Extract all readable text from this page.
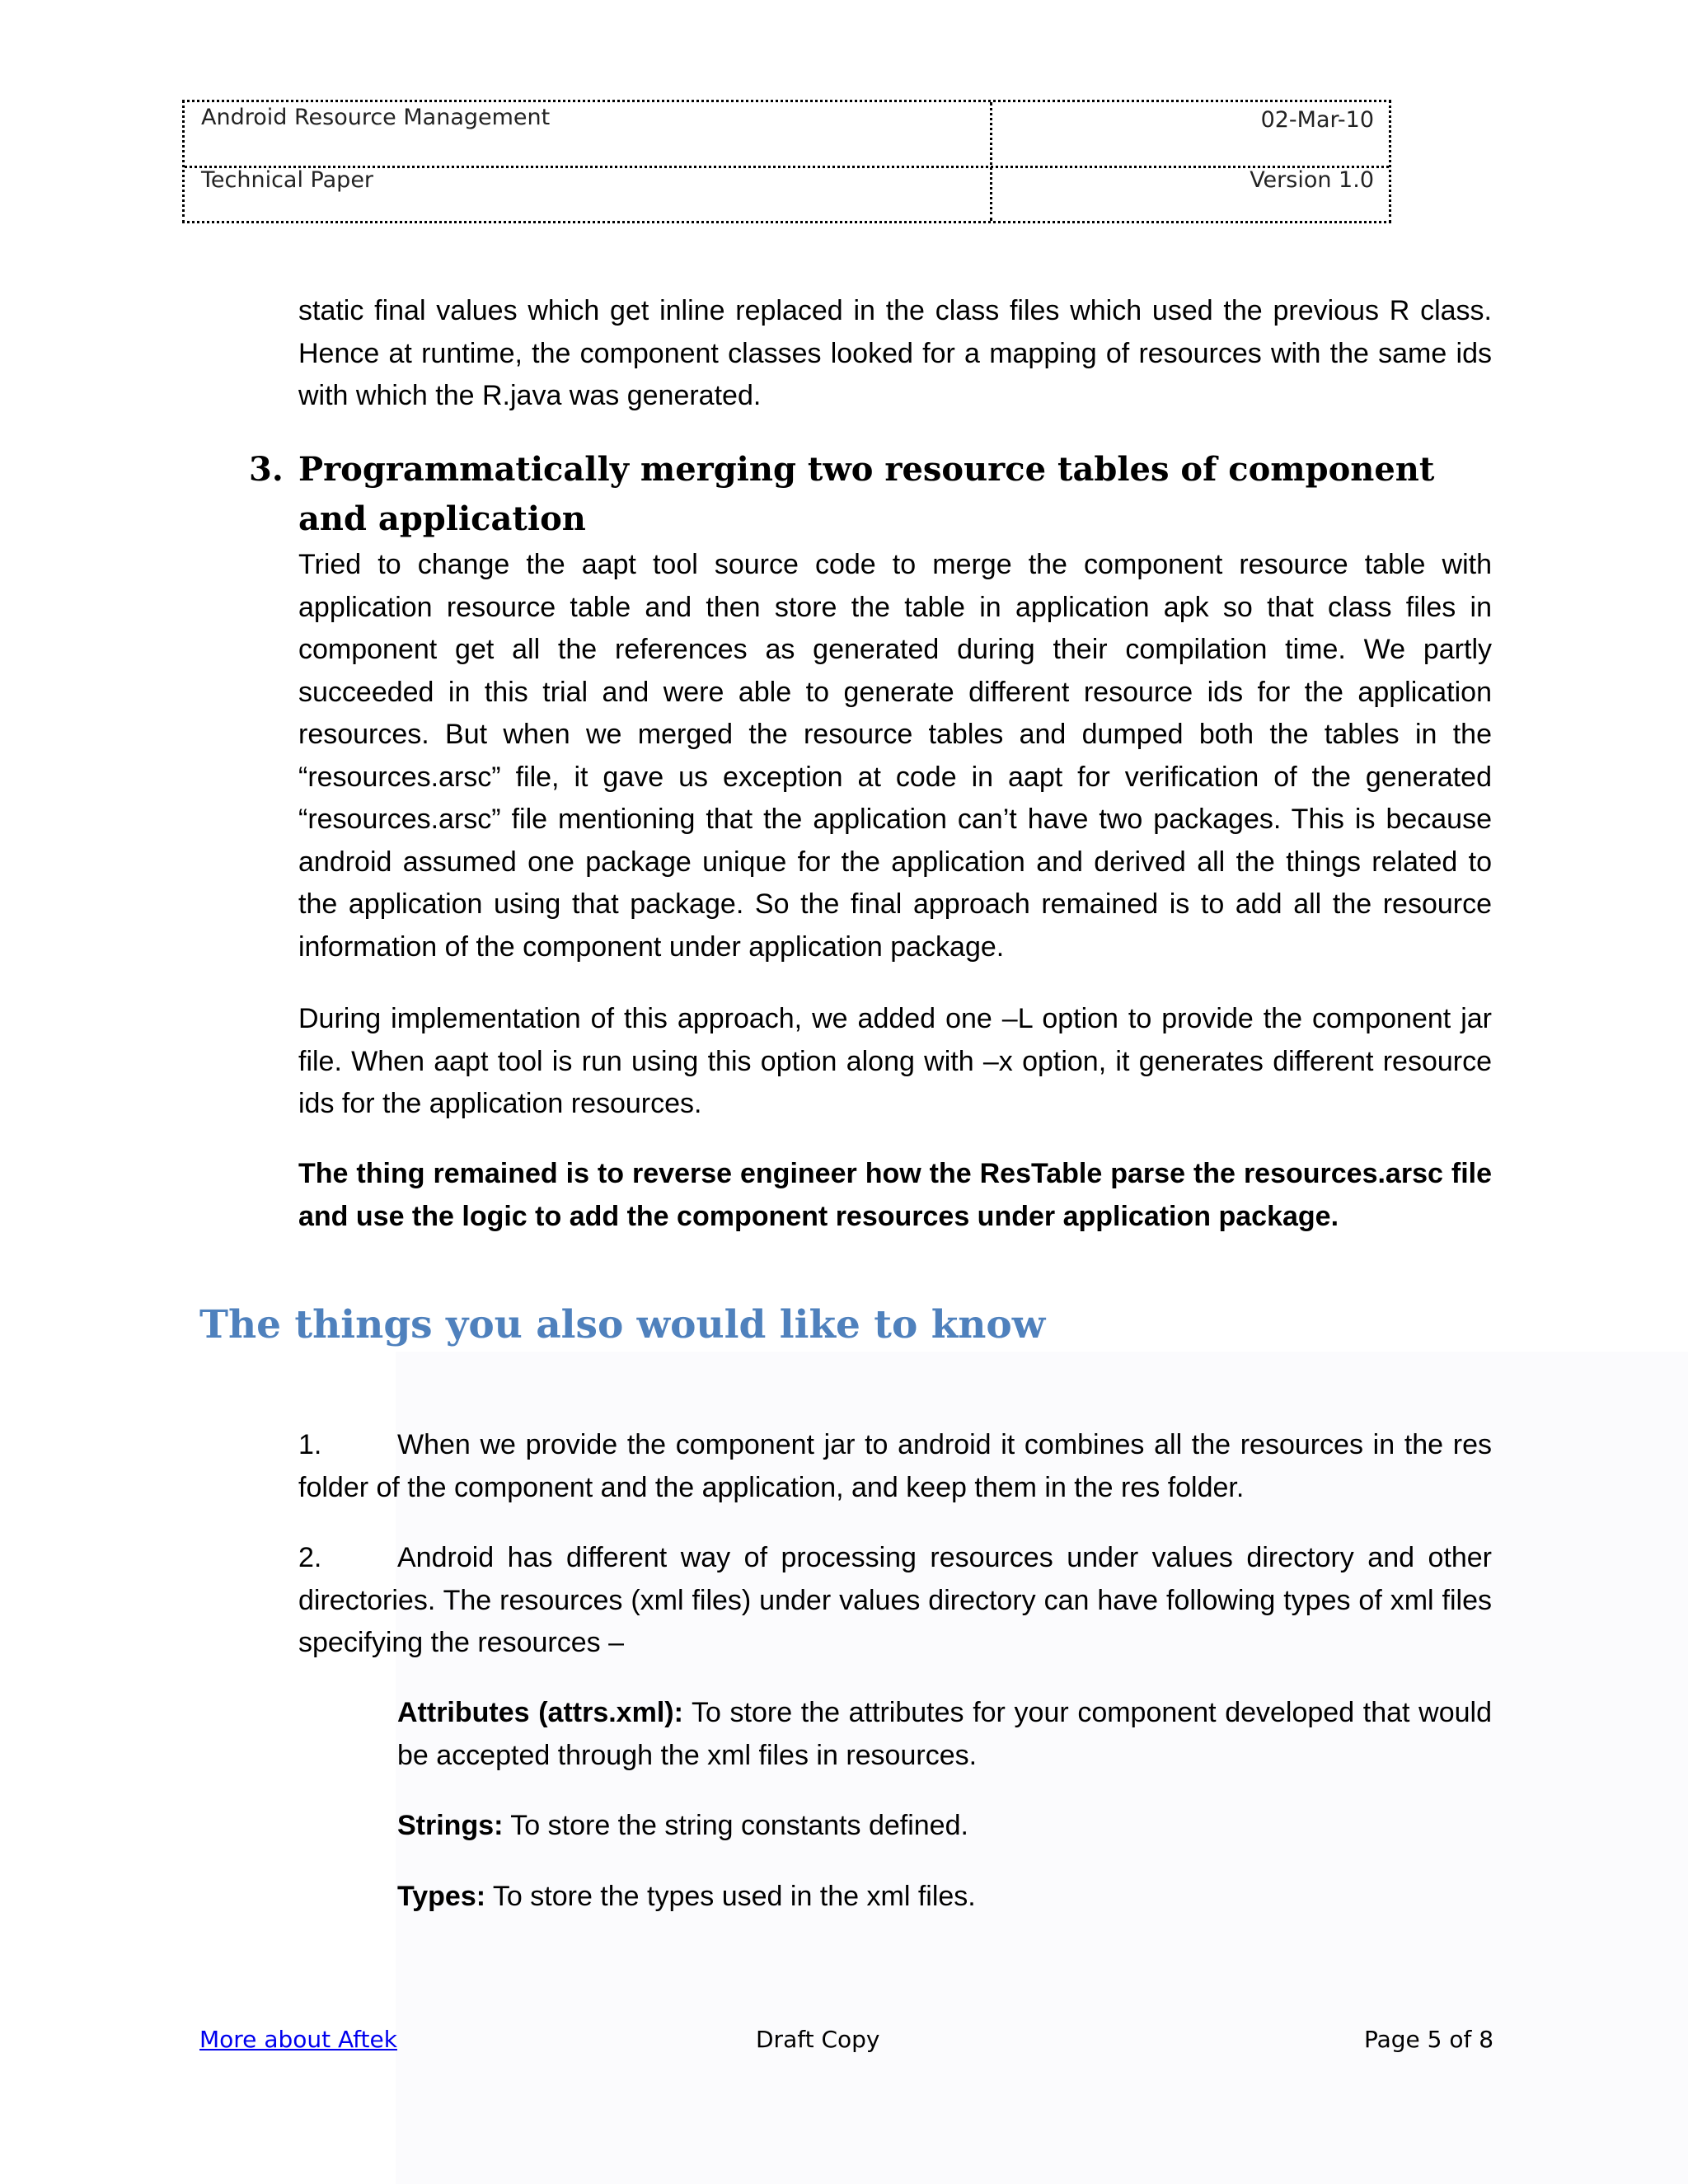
Android Resource Management	02-Mar-10
Technical Paper	Version 1.0

static final values which get inline replaced in the class files which used the previous R class. Hence at runtime, the component classes looked for a mapping of resources with the same ids with which the R.java was generated.

3. Programmatically merging two resource tables of component and application

Tried to change the aapt tool source code to merge the component resource table with application resource table and then store the table in application apk so that class files in component get all the references as generated during their compilation time. We partly succeeded in this trial and were able to generate different resource ids for the application resources. But when we merged the resource tables and dumped both the tables in the “resources.arsc” file, it gave us exception at code in aapt for verification of the generated “resources.arsc” file mentioning that the application can’t have two packages. This is because android assumed one package unique for the application and derived all the things related to the application using that package. So the final approach remained is to add all the resource information of the component under application package.

During implementation of this approach, we added one –L option to provide the component jar file. When aapt tool is run using this option along with –x option, it generates different resource ids for the application resources.

The thing remained is to reverse engineer how the ResTable parse the resources.arsc file and use the logic to add the component resources under application package.

The things you also would like to know

1.	When we provide the component jar to android it combines all the resources in the res folder of the component and the application, and keep them in the res folder.

2.	Android has different way of processing resources under values directory and other directories. The resources (xml files) under values directory can have following types of xml files specifying the resources –

Attributes (attrs.xml): To store the attributes for your component developed that would be accepted through the xml files in resources.

Strings: To store the string constants defined.

Types: To store the types used in the xml files.

More about Aftek	Draft Copy	Page 5 of 8
